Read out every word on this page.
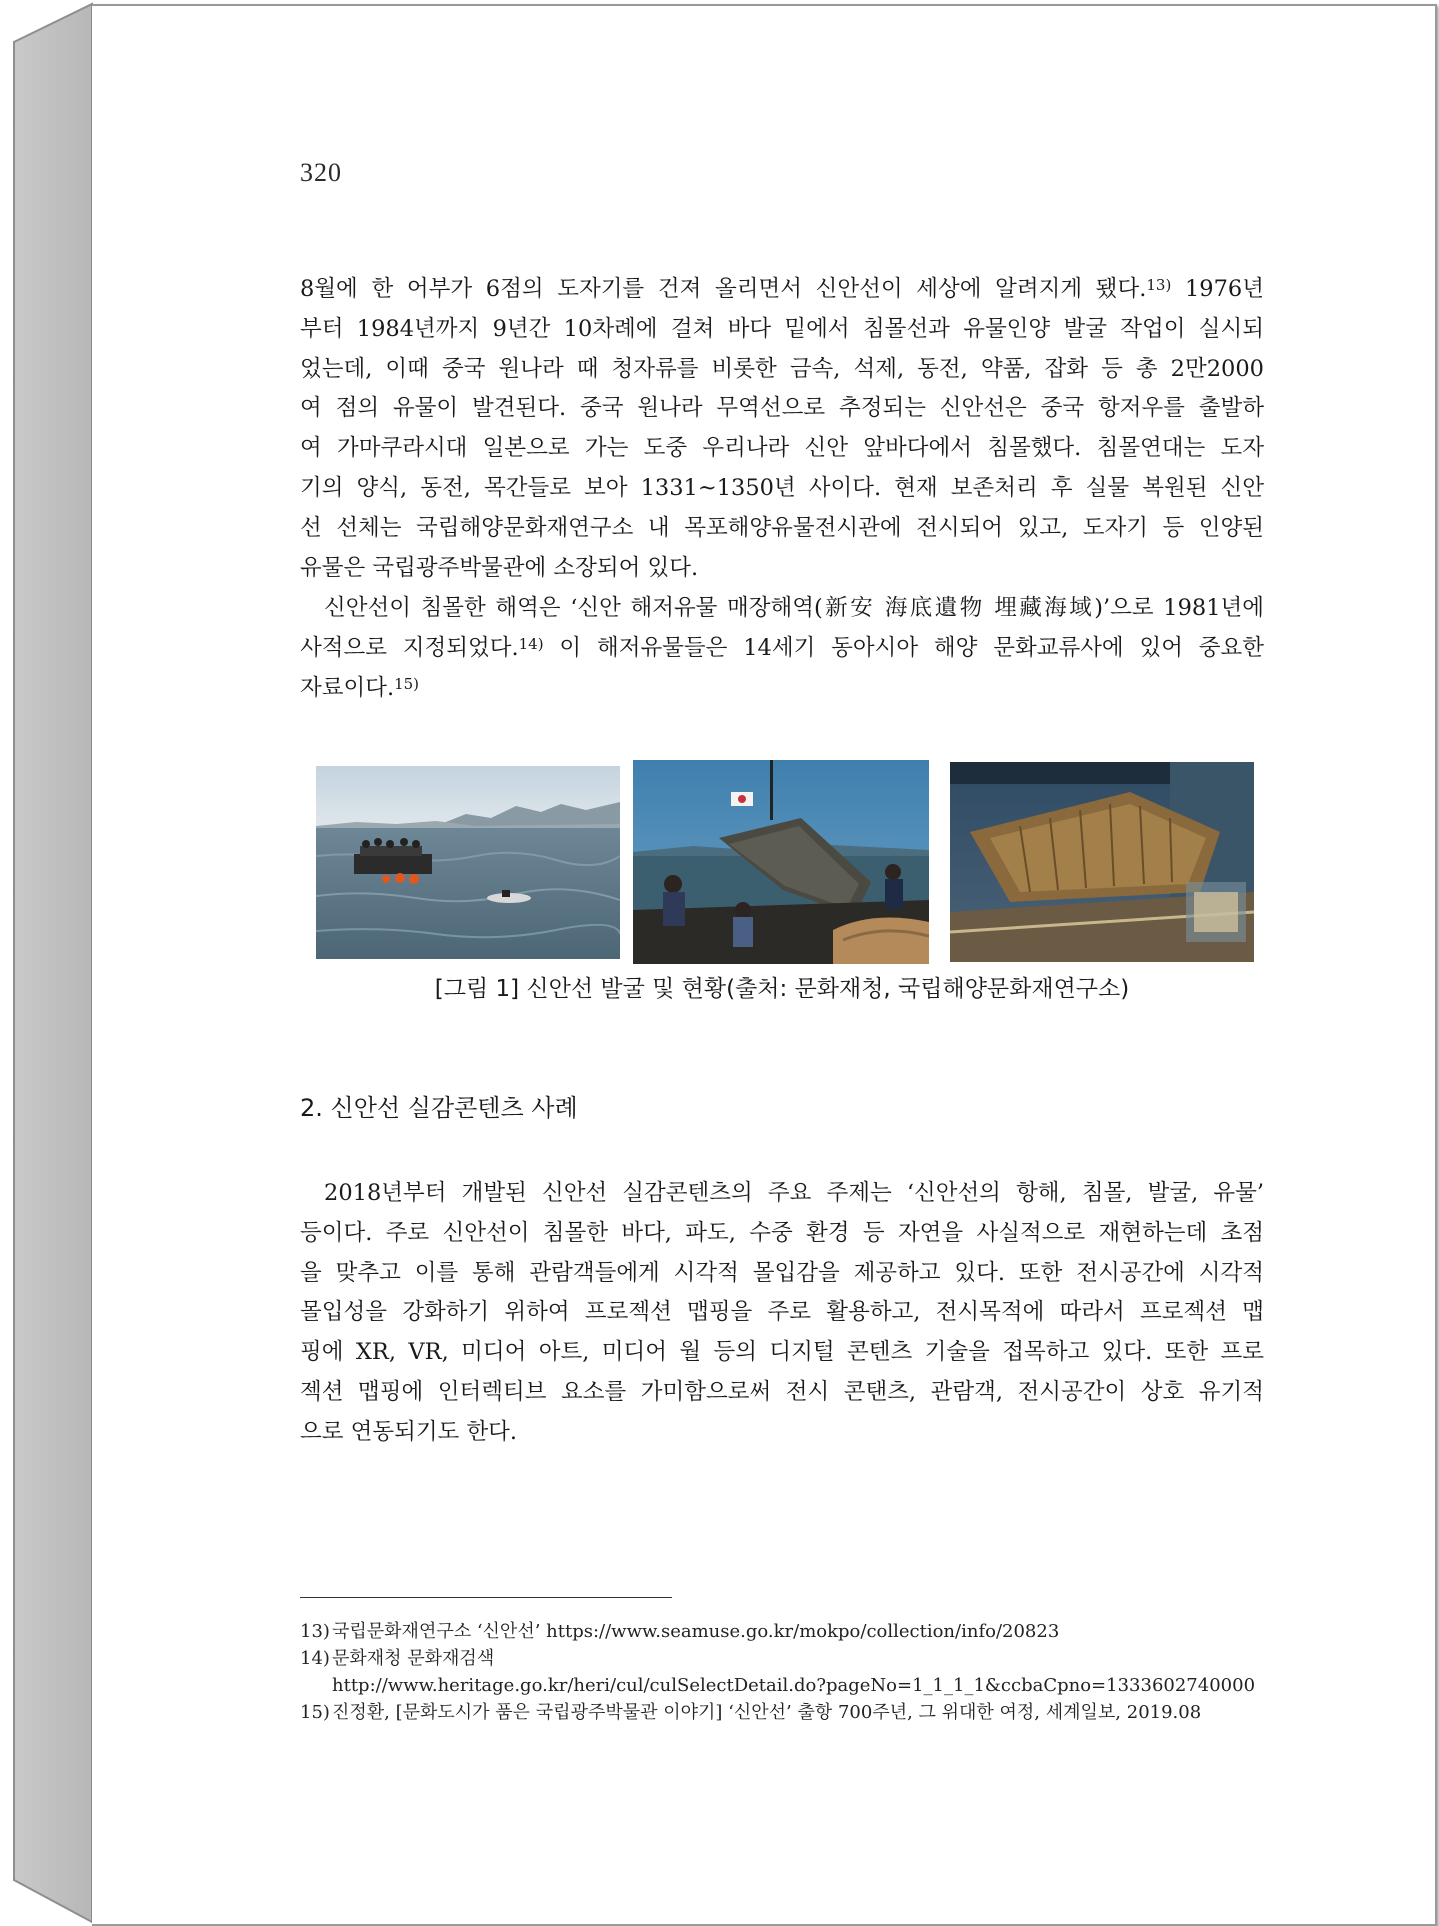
320
8월에 한 어부가 6점의 도자기를 건져 올리면서 신안선이 세상에 알려지게 됐다.$^{13)}$ 1976년
부터 1984년까지 9년간 10차례에 걸쳐 바다 밑에서 침몰선과 유물인양 발굴 작업이 실시되
었는데, 이때 중국 원나라 때 청자류를 비롯한 금속, 석제, 동전, 약품, 잡화 등 총 2만2000
여 점의 유물이 발견된다. 중국 원나라 무역선으로 추정되는 신안선은 중국 항저우를 출발하
여 가마쿠라시대 일본으로 가는 도중 우리나라 신안 앞바다에서 침몰했다. 침몰연대는 도자
기의 양식, 동전, 목간들로 보아 1331~1350년 사이다. 현재 보존처리 후 실물 복원된 신안
선 선체는 국립해양문화재연구소 내 목포해양유물전시관에 전시되어 있고, 도자기 등 인양된
유물은 국립광주박물관에 소장되어 있다.
신안선이 침몰한 해역은 ‘신안 해저유물 매장해역(新安 海底遺物 埋藏海域)’으로 1981년에
사적으로 지정되었다.$^{14)}$ 이 해저유물들은 14세기 동아시아 해양 문화교류사에 있어 중요한
자료이다.$^{15)}$
[그림 1] 신안선 발굴 및 현황(출처: 문화재청, 국립해양문화재연구소)
2. 신안선 실감콘텐츠 사례
2018년부터 개발된 신안선 실감콘텐츠의 주요 주제는 ‘신안선의 항해, 침몰, 발굴, 유물’
등이다. 주로 신안선이 침몰한 바다, 파도, 수중 환경 등 자연을 사실적으로 재현하는데 초점
을 맞추고 이를 통해 관람객들에게 시각적 몰입감을 제공하고 있다. 또한 전시공간에 시각적
몰입성을 강화하기 위하여 프로젝션 맵핑을 주로 활용하고, 전시목적에 따라서 프로젝션 맵
핑에 XR, VR, 미디어 아트, 미디어 월 등의 디지털 콘텐츠 기술을 접목하고 있다. 또한 프로
젝션 맵핑에 인터렉티브 요소를 가미함으로써 전시 콘탠츠, 관람객, 전시공간이 상호 유기적
으로 연동되기도 한다.
13) 국립문화재연구소 ‘신안선’ https://www.seamuse.go.kr/mokpo/collection/info/20823
14) 문화재청 문화재검색
http://www.heritage.go.kr/heri/cul/culSelectDetail.do?pageNo=1_1_1_1&ccbaCpno=1333602740000
15) 진정환, [문화도시가 품은 국립광주박물관 이야기] ‘신안선’ 출항 700주년, 그 위대한 여정, 세계일보, 2019.08
